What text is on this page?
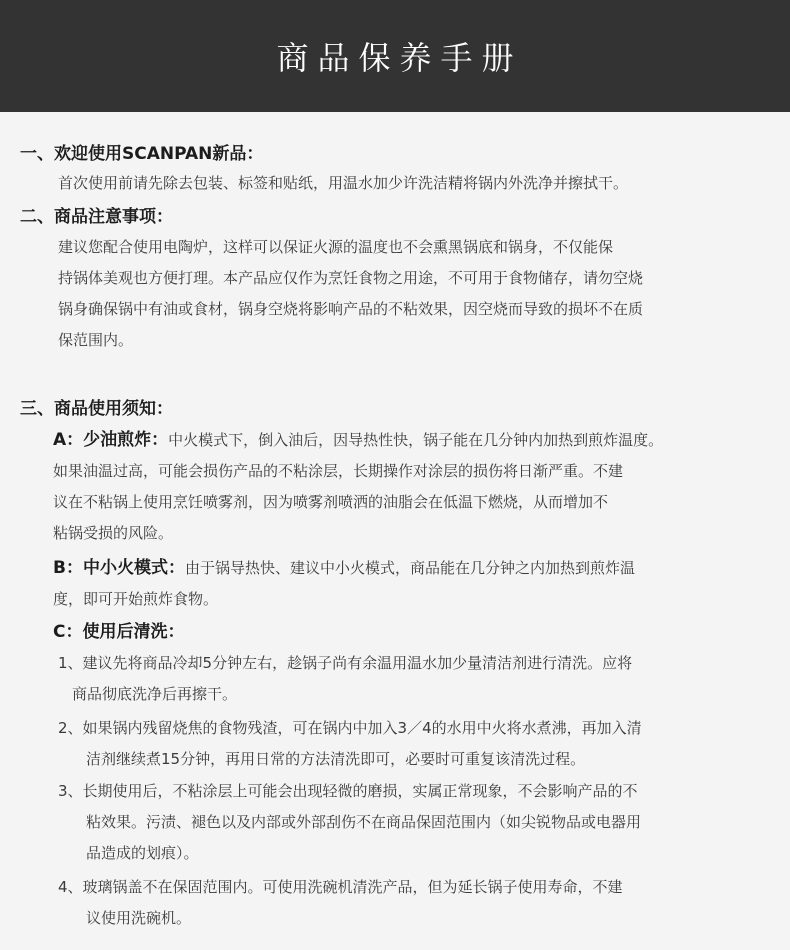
商品保养手册
一、欢迎使用SCANPAN新品：

首次使用前请先除去包装、标签和贴纸，用温水加少许洗洁精将锅内外洗净并擦拭干。

二、商品注意事项：

建议您配合使用电陶炉，这样可以保证火源的温度也不会熏黑锅底和锅身，不仅能保

持锅体美观也方便打理。本产品应仅作为烹饪食物之用途，不可用于食物储存，请勿空烧

锅身确保锅中有油或食材，锅身空烧将影响产品的不粘效果，因空烧而导致的损坏不在质

保范围内。

三、商品使用须知：

A：少油煎炸：中火模式下，倒入油后，因导热性快，锅子能在几分钟内加热到煎炸温度。

如果油温过高，可能会损伤产品的不粘涂层，长期操作对涂层的损伤将日渐严重。不建

议在不粘锅上使用烹饪喷雾剂，因为喷雾剂喷洒的油脂会在低温下燃烧，从而增加不

粘锅受损的风险。

B：中小火模式：由于锅导热快、建议中小火模式，商品能在几分钟之内加热到煎炸温

度，即可开始煎炸食物。

C：使用后清洗：

1、建议先将商品冷却5分钟左右，趁锅子尚有余温用温水加少量清洁剂进行清洗。应将

商品彻底洗净后再擦干。

2、如果锅内残留烧焦的食物残渣，可在锅内中加入3／4的水用中火将水煮沸，再加入清

洁剂继续煮15分钟，再用日常的方法清洗即可，必要时可重复该清洗过程。

3、长期使用后，不粘涂层上可能会出现轻微的磨损，实属正常现象，不会影响产品的不

粘效果。污渍、褪色以及内部或外部刮伤不在商品保固范围内（如尖锐物品或电器用

品造成的划痕）。

4、玻璃锅盖不在保固范围内。可使用洗碗机清洗产品，但为延长锅子使用寿命，不建

议使用洗碗机。
